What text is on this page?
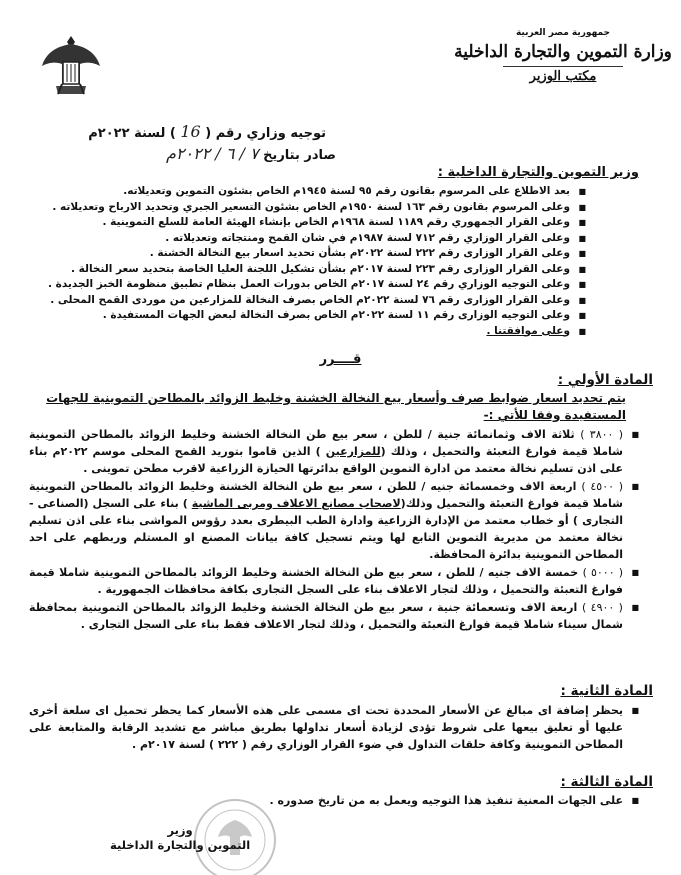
جمهورية مصر العربية
وزارة التموين والتجارة الداخلية
مكتب الوزير
توجيه وزاري رقم ( 16 ) لسنة ٢٠٢٢م
صادر بتاريخ ٧ / ٦ / ٢٠٢٢م
وزير التموين والتجارة الداخلية :
■
بعد الاطلاع على المرسوم بقانون رقم ٩٥ لسنة ١٩٤٥م الخاص بشئون التموين وتعديلاته.
■
وعلى المرسوم بقانون رقم ١٦٣ لسنة ١٩٥٠م الخاص بشئون التسعير الجبري وتحديد الارباح وتعديلاته .
■
وعلى القرار الجمهوري رقم ١١٨٩ لسنة ١٩٦٨م الخاص بإنشاء الهيئة العامة للسلع التموينية .
■
وعلى القرار الوزاري رقم ٧١٢ لسنة ١٩٨٧م في شان القمح ومنتجاته وتعديلاته .
■
وعلى القرار الوزارى رقم ٢٢٢ لسنة ٢٠٢٢م بشأن تحديد اسعار بيع النخالة الخشنة .
■
وعلى القرار الوزارى رقم ٢٢٣ لسنة ٢٠١٧م بشأن تشكيل اللجنة العليا الخاصة بتحديد سعر النخالة .
■
وعلى التوجيه الوزاري رقم ٢٤ لسنة ٢٠١٧م الخاص بدورات العمل بنظام تطبيق منظومة الخبز الجديدة .
■
وعلى القرار الوزارى رقم ٧٦ لسنة ٢٠٢٢م الخاص بصرف النخالة للمزارعين من موردى القمح المحلى .
■
وعلى التوجيه الوزارى رقم ١١ لسنة ٢٠٢٢م الخاص بصرف النخالة لبعض الجهات المستفيدة .
■
وعلى موافقتنا .
قــــرر
المادة الأولي :
يتم تحديد اسعار ضوابط صرف وأسعار بيع النخالة الخشنة وخليط الزوائد بالمطاحن التموينية للجهات المستفيدة وفقا للأتي :-
■
( ٣٨٠٠ ) ثلاثة الاف وثمانمائة جنية / للطن ، سعر بيع طن النخالة الخشنة وخليط الزوائد بالمطاحن التموينية شاملا قيمة فوارغ التعبئة والتحميل ، وذلك (للمزارعين ) الذين قاموا بتوريد القمح المحلى موسم ٢٠٢٢م بناء على اذن تسليم نخالة معتمد من ادارة التموين الواقع بدائرتها الحيازة الزراعية لاقرب مطحن تموينى .
■
( ٤٥٠٠ ) اربعة الاف وخمسمائة جنيه / للطن ، سعر بيع طن النخالة الخشنة وخليط الزوائد بالمطاحن التموينية شاملا قيمة فوارغ التعبئة والتحميل وذلك(لاصحاب مصانع الاعلاف ومربى الماشية ) بناء على السجل (الصناعى - التجارى ) أو خطاب معتمد من الإدارة الزراعية وادارة الطب البيطرى بعدد رؤوس المواشى بناء على اذن تسليم نخالة معتمد من مديرية التموين التابع لها ويتم تسجيل كافة بيانات المصنع او المستلم وربطهم على احد المطاحن التموينية بدائرة المحافظة.
■
( ٥٠٠٠ ) خمسة الاف جنيه / للطن ، سعر بيع طن النخالة الخشنة وخليط الزوائد بالمطاحن التموينية شاملا قيمة فوارغ التعبئة والتحميل ، وذلك لتجار الاعلاف بناء على السجل التجارى بكافة محافظات الجمهورية .
■
( ٤٩٠٠ ) اربعة الاف وتسعمائة جنية ، سعر بيع طن النخالة الخشنة وخليط الزوائد بالمطاحن التموينية بمحافظة شمال سيناء شاملا قيمة فوارغ التعبئة والتحميل ، وذلك لتجار الاعلاف فقط بناء على السجل التجارى .
المادة الثانية :
■
يحظر إضافة اى مبالغ عن الأسعار المحددة تحت اى مسمى على هذه الأسعار كما يحظر تحميل اى سلعة أخرى عليها أو تعليق بيعها على شروط تؤدى لزيادة أسعار تداولها بطريق مباشر مع تشديد الرقابة والمتابعة على المطاحن التموينية وكافة حلقات التداول في ضوء القرار الوزاري رقم ( ٢٢٢ ) لسنة ٢٠١٧م .
المادة الثالثة :
■
على الجهات المعنية تنفيذ هذا التوجيه ويعمل به من تاريخ صدوره .
وزير
التموين والتجارة الداخلية
